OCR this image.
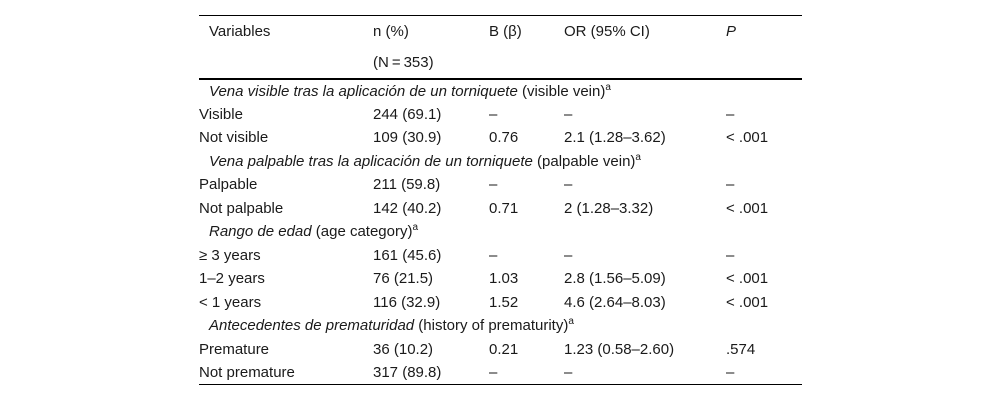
Variables	n (%)	B (β)	OR (95% CI)	P
	(N = 353)			
Vena visible tras la aplicación de un torniquete (visible vein)$^a$
Visible	244 (69.1)	–	–	–
Not visible	109 (30.9)	0.76	2.1 (1.28–3.62)	< .001
Vena palpable tras la aplicación de un torniquete (palpable vein)$^a$
Palpable	211 (59.8)	–	–	–
Not palpable	142 (40.2)	0.71	2 (1.28–3.32)	< .001
Rango de edad (age category)$^a$
≥ 3 years	161 (45.6)	–	–	–
1–2 years	76 (21.5)	1.03	2.8 (1.56–5.09)	< .001
< 1 years	116 (32.9)	1.52	4.6 (2.64–8.03)	< .001
Antecedentes de prematuridad (history of prematurity)$^a$
Premature	36 (10.2)	0.21	1.23 (0.58–2.60)	.574
Not premature	317 (89.8)	–	–	–
